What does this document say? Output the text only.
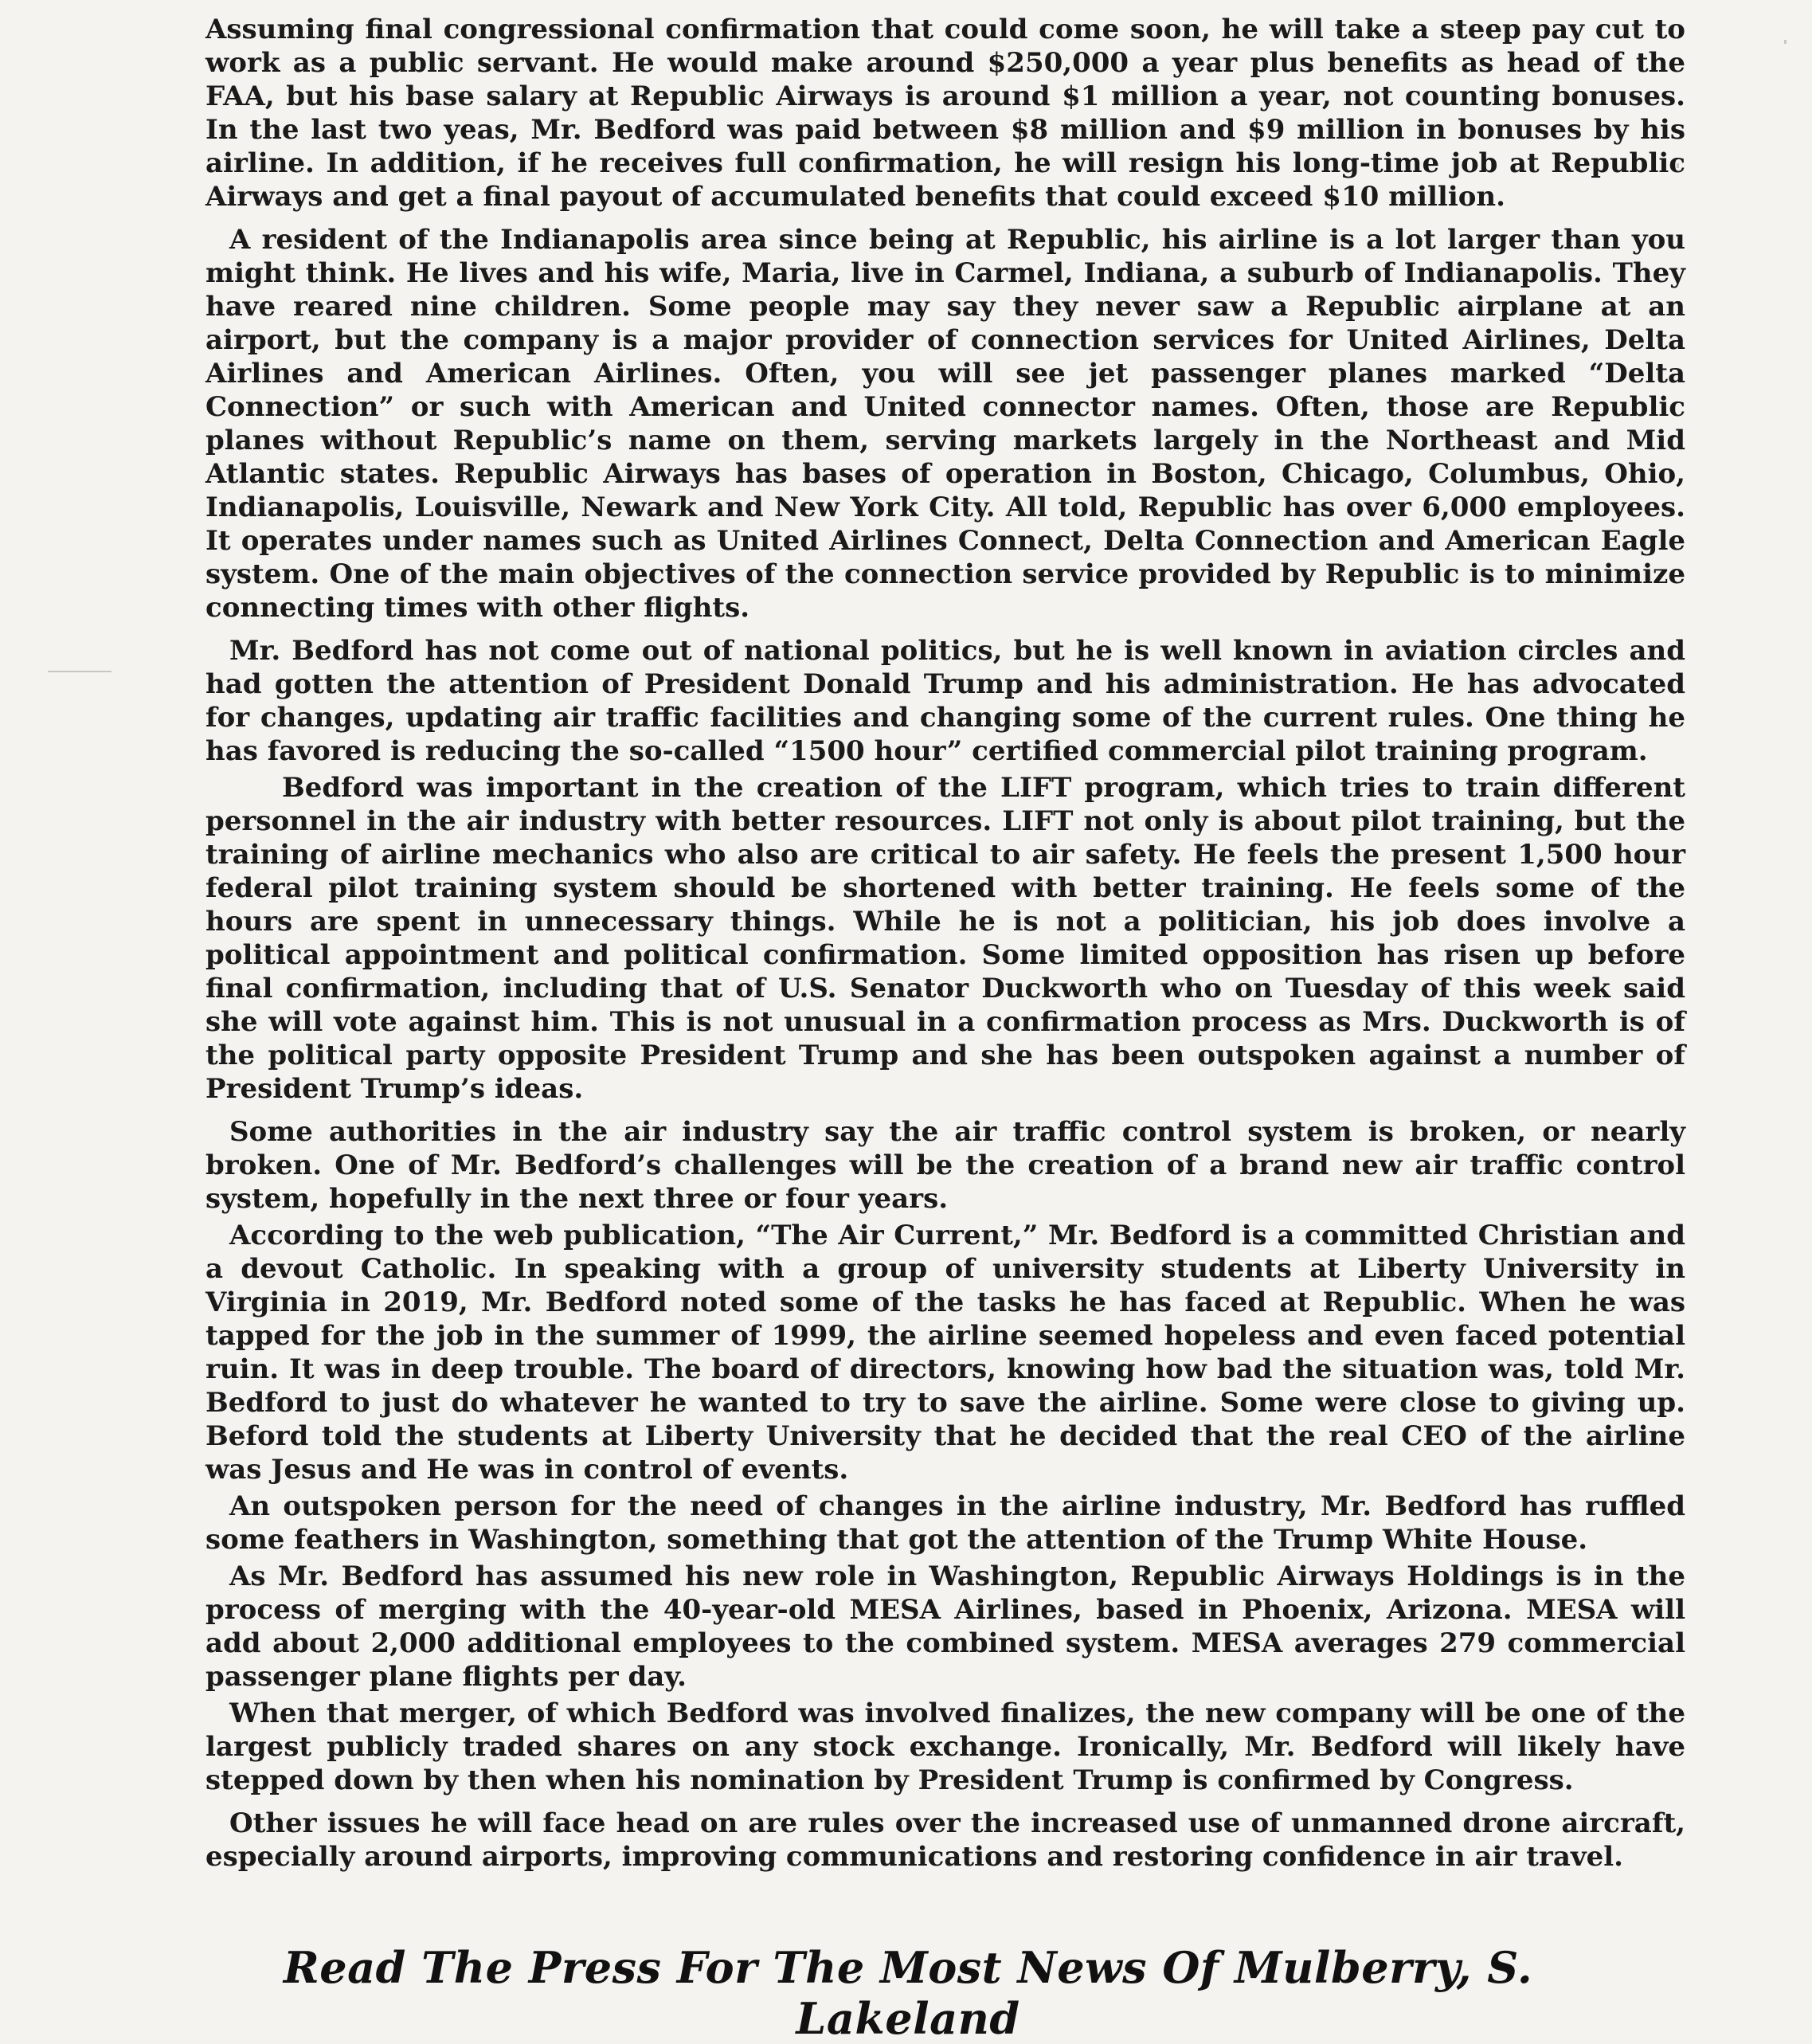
Assuming final congressional confirmation that could come soon, he will take a steep pay cut to work as a public servant. He would make around $250,000 a year plus benefits as head of the FAA, but his base salary at Republic Airways is around $1 million a year, not counting bonuses. In the last two yeas, Mr. Bedford was paid between $8 million and $9 million in bonuses by his airline. In addition, if he receives full confirmation, he will resign his long-time job at Republic Airways and get a final payout of accumulated benefits that could exceed $10 million.

A resident of the Indianapolis area since being at Republic, his airline is a lot larger than you might think. He lives and his wife, Maria, live in Carmel, Indiana, a suburb of Indianapolis. They have reared nine children. Some people may say they never saw a Republic airplane at an airport, but the company is a major provider of connection services for United Airlines, Delta Airlines and American Airlines. Often, you will see jet passenger planes marked “Delta Connection” or such with American and United connector names. Often, those are Republic planes without Republic’s name on them, serving markets largely in the Northeast and Mid Atlantic states. Republic Airways has bases of operation in Boston, Chicago, Columbus, Ohio, Indianapolis, Louisville, Newark and New York City. All told, Republic has over 6,000 employees. It operates under names such as United Airlines Connect, Delta Connection and American Eagle system. One of the main objectives of the connection service provided by Republic is to minimize connecting times with other flights.

Mr. Bedford has not come out of national politics, but he is well known in aviation circles and had gotten the attention of President Donald Trump and his administration. He has advocated for changes, updating air traffic facilities and changing some of the current rules. One thing he has favored is reducing the so-called “1500 hour” certified commercial pilot training program.

Bedford was important in the creation of the LIFT program, which tries to train different personnel in the air industry with better resources. LIFT not only is about pilot training, but the training of airline mechanics who also are critical to air safety. He feels the present 1,500 hour federal pilot training system should be shortened with better training. He feels some of the hours are spent in unnecessary things. While he is not a politician, his job does involve a political appointment and political confirmation. Some limited opposition has risen up before final confirmation, including that of U.S. Senator Duckworth who on Tuesday of this week said she will vote against him. This is not unusual in a confirmation process as Mrs. Duckworth is of the political party opposite President Trump and she has been outspoken against a number of President Trump’s ideas.

Some authorities in the air industry say the air traffic control system is broken, or nearly broken. One of Mr. Bedford’s challenges will be the creation of a brand new air traffic control system, hopefully in the next three or four years.

According to the web publication, “The Air Current,” Mr. Bedford is a committed Christian and a devout Catholic. In speaking with a group of university students at Liberty University in Virginia in 2019, Mr. Bedford noted some of the tasks he has faced at Republic. When he was tapped for the job in the summer of 1999, the airline seemed hopeless and even faced potential ruin. It was in deep trouble. The board of directors, knowing how bad the situation was, told Mr. Bedford to just do whatever he wanted to try to save the airline. Some were close to giving up. Beford told the students at Liberty University that he decided that the real CEO of the airline was Jesus and He was in control of events.

An outspoken person for the need of changes in the airline industry, Mr. Bedford has ruffled some feathers in Washington, something that got the attention of the Trump White House.

As Mr. Bedford has assumed his new role in Washington, Republic Airways Holdings is in the process of merging with the 40-year-old MESA Airlines, based in Phoenix, Arizona. MESA will add about 2,000 additional employees to the combined system. MESA averages 279 commercial passenger plane flights per day.

When that merger, of which Bedford was involved finalizes, the new company will be one of the largest publicly traded shares on any stock exchange. Ironically, Mr. Bedford will likely have stepped down by then when his nomination by President Trump is confirmed by Congress.

Other issues he will face head on are rules over the increased use of unmanned drone aircraft, especially around airports, improving communications and restoring confidence in air travel.

Read The Press For The Most News Of Mulberry, S. Lakeland
